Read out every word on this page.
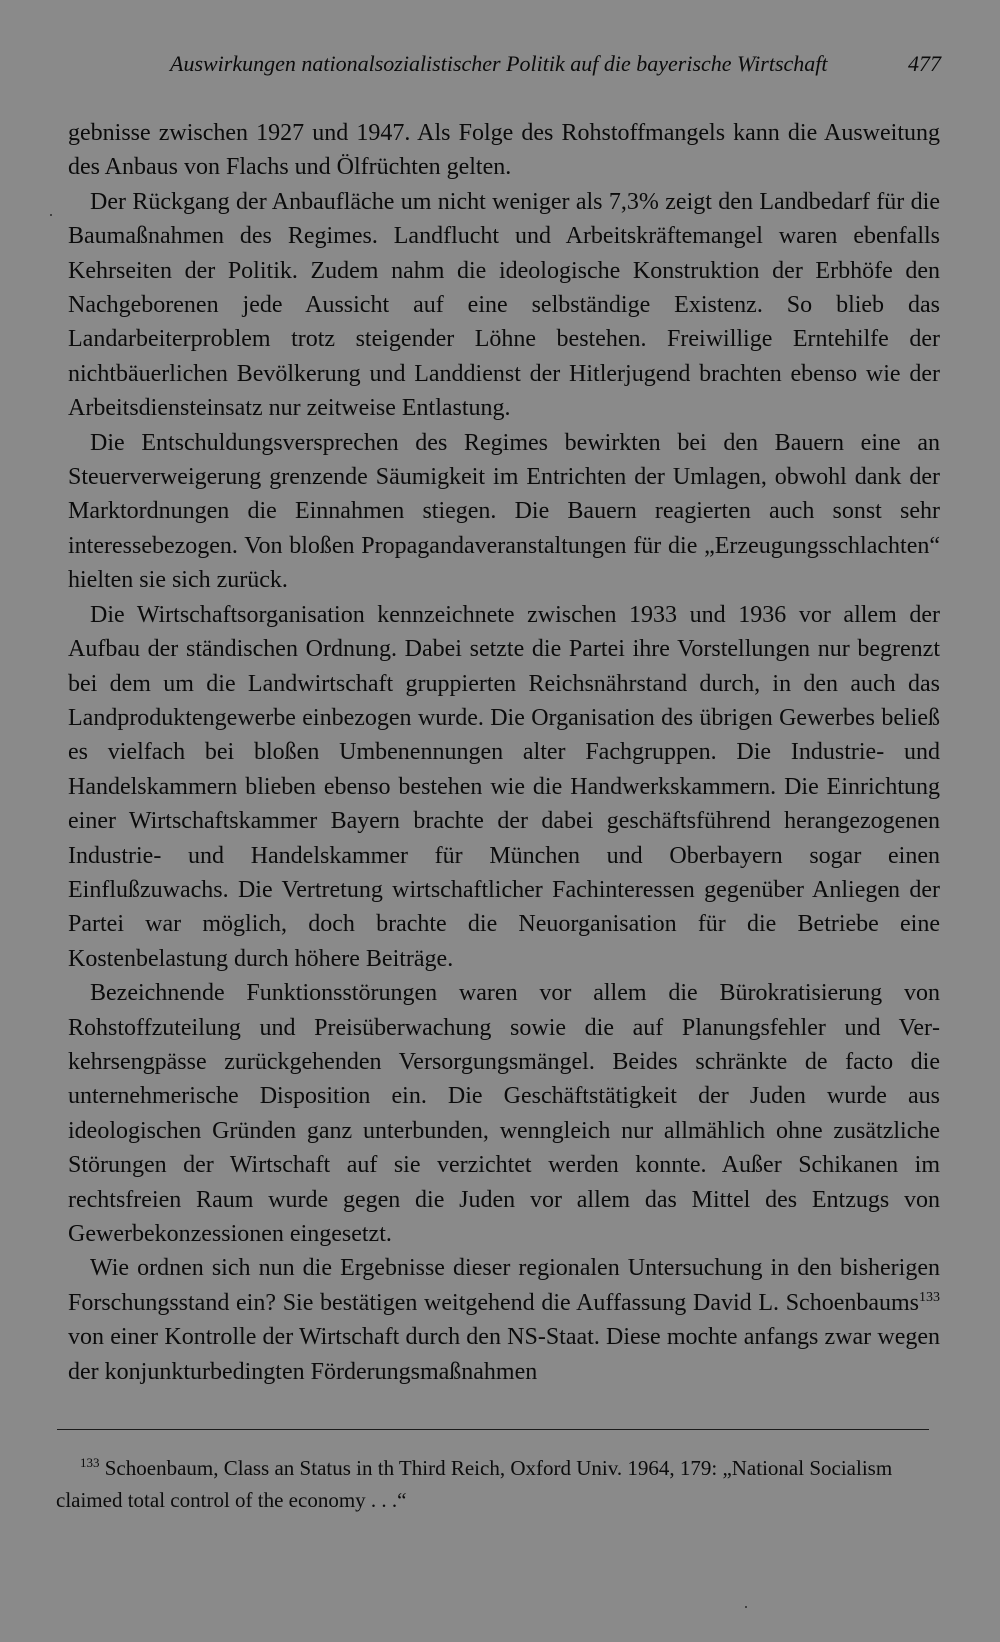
Auswirkungen nationalsozialistischer Politik auf die bayerische Wirtschaft	477

gebnisse zwischen 1927 und 1947. Als Folge des Rohstoffmangels kann die Ausweitung des Anbaus von Flachs und Ölfrüchten gelten.

Der Rückgang der Anbaufläche um nicht weniger als 7,3% zeigt den Landbedarf für die Baumaßnahmen des Regimes. Landflucht und Arbeitskräftemangel waren ebenfalls Kehrseiten der Politik. Zudem nahm die ideologische Konstruktion der Erbhöfe den Nachgeborenen jede Aussicht auf eine selbständige Existenz. So blieb das Landarbeiterproblem trotz steigender Löhne bestehen. Freiwillige Erntehilfe der nichtbäuerlichen Bevölkerung und Landdienst der Hitlerjugend brachten ebenso wie der Arbeitsdiensteinsatz nur zeitweise Entlastung.

Die Entschuldungsversprechen des Regimes bewirkten bei den Bauern eine an Steuerverweigerung grenzende Säumigkeit im Entrichten der Umlagen, obwohl dank der Marktordnungen die Einnahmen stiegen. Die Bauern reagierten auch sonst sehr interessebezogen. Von bloßen Propagandaveranstaltungen für die „Erzeugungsschlachten“ hielten sie sich zurück.

Die Wirtschaftsorganisation kennzeichnete zwischen 1933 und 1936 vor allem der Aufbau der ständischen Ordnung. Dabei setzte die Partei ihre Vorstellungen nur begrenzt bei dem um die Landwirtschaft gruppierten Reichsnährstand durch, in den auch das Landproduktengewerbe einbezogen wurde. Die Organisation des übrigen Gewerbes beließ es vielfach bei bloßen Umbenennungen alter Fachgruppen. Die Industrie- und Handelskammern blieben ebenso bestehen wie die Handwerkskammern. Die Einrichtung einer Wirtschaftskammer Bayern brachte der dabei geschäftsführend herangezogenen Industrie- und Handelskammer für München und Oberbayern sogar einen Einflußzuwachs. Die Vertretung wirtschaftlicher Fachinteressen gegenüber Anliegen der Partei war möglich, doch brachte die Neuorganisation für die Betriebe eine Kostenbelastung durch höhere Beiträge.

Bezeichnende Funktionsstörungen waren vor allem die Bürokratisierung von Rohstoffzuteilung und Preisüberwachung sowie die auf Planungsfehler und Verkehrsengpässe zurückgehenden Versorgungsmängel. Beides schränkte de facto die unternehmerische Disposition ein. Die Geschäftstätigkeit der Juden wurde aus ideologischen Gründen ganz unterbunden, wenngleich nur allmählich ohne zusätzliche Störungen der Wirtschaft auf sie verzichtet werden konnte. Außer Schikanen im rechtsfreien Raum wurde gegen die Juden vor allem das Mittel des Entzugs von Gewerbekonzessionen eingesetzt.

Wie ordnen sich nun die Ergebnisse dieser regionalen Untersuchung in den bisherigen Forschungsstand ein? Sie bestätigen weitgehend die Auffassung David L. Schoenbaums$^{133}$ von einer Kontrolle der Wirtschaft durch den NS-Staat. Diese mochte anfangs zwar wegen der konjunkturbedingten Förderungsmaßnahmen

$^{133}$ Schoenbaum, Class an Status in th Third Reich, Oxford Univ. 1964, 179: „National Socialism claimed total control of the economy . . .“
